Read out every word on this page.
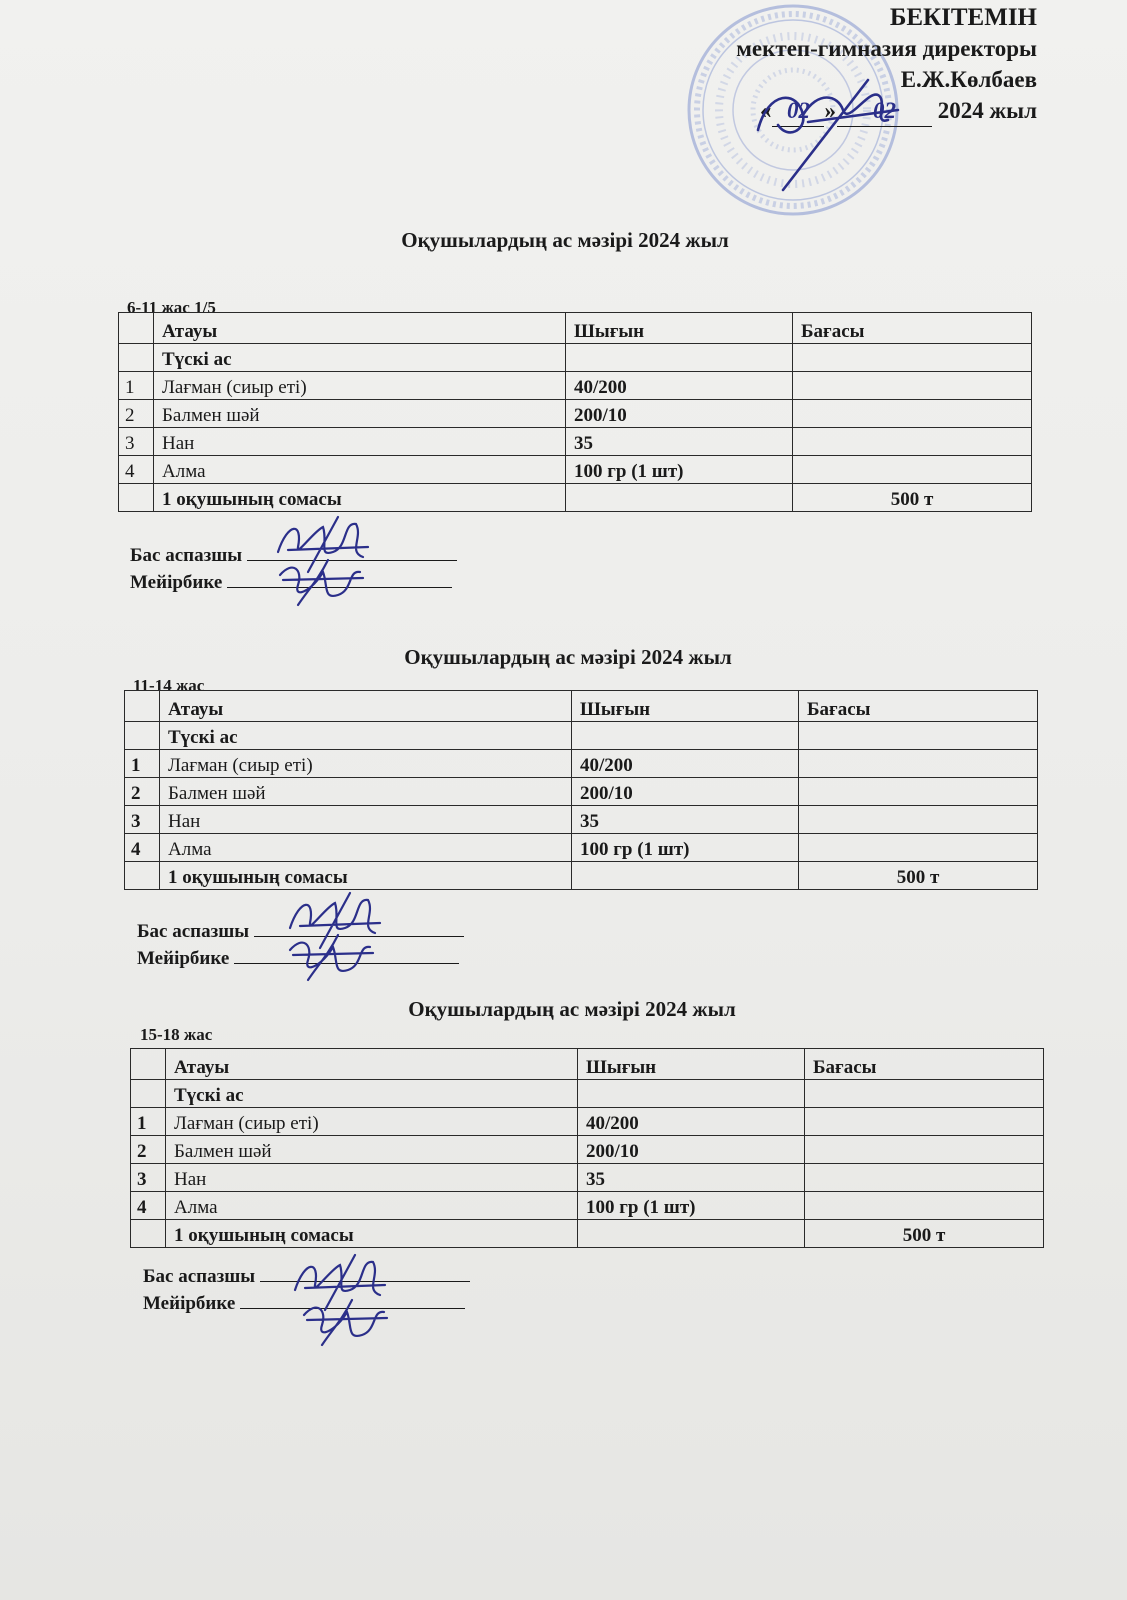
БЕКІТЕМІН
мектеп-гимназия директоры
Е.Ж.Көлбаев
« 02 » 02 2024 жыл
Оқушылардың ас мәзірі 2024 жыл
6-11 жас 1/5
	Атауы	Шығын	Бағасы
	Түскі ас		
1	Лағман (сиыр еті)	40/200	
2	Балмен шәй	200/10	
3	Нан	35	
4	Алма	100 гр (1 шт)	
	1 оқушының сомасы		500 т
Бас аспазшы
Мейірбике
Оқушылардың ас мәзірі 2024 жыл
11-14 жас
	Атауы	Шығын	Бағасы
	Түскі ас		
1	Лағман (сиыр еті)	40/200	
2	Балмен шәй	200/10	
3	Нан	35	
4	Алма	100 гр (1 шт)	
	1 оқушының сомасы		500 т
Бас аспазшы
Мейірбике
Оқушылардың ас мәзірі 2024 жыл
15-18 жас
	Атауы	Шығын	Бағасы
	Түскі ас		
1	Лағман (сиыр еті)	40/200	
2	Балмен шәй	200/10	
3	Нан	35	
4	Алма	100 гр (1 шт)	
	1 оқушының сомасы		500 т
Бас аспазшы
Мейірбике
